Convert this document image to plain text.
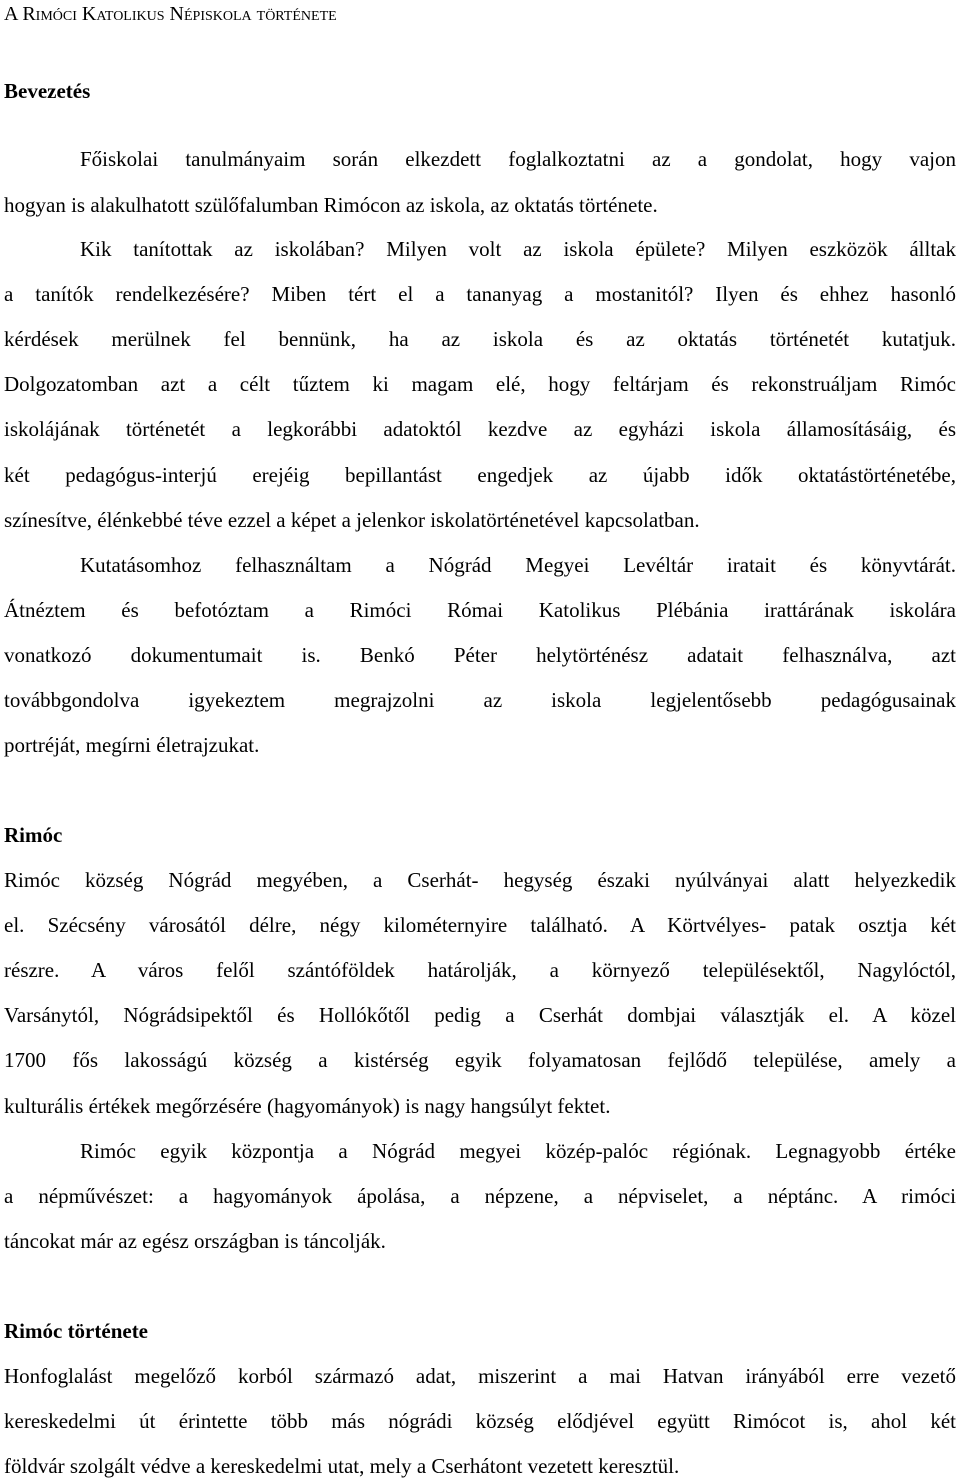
A Rimóci Katolikus Népiskola története
Bevezetés
Főiskolai tanulmányaim során elkezdett foglalkoztatni az a gondolat, hogy vajon
hogyan is alakulhatott szülőfalumban Rimócon az iskola, az oktatás története.
Kik tanítottak az iskolában? Milyen volt az iskola épülete? Milyen eszközök álltak
a tanítók rendelkezésére? Miben tért el a tananyag a mostanitól? Ilyen és ehhez hasonló
kérdések merülnek fel bennünk, ha az iskola és az oktatás történetét kutatjuk.
Dolgozatomban azt a célt tűztem ki magam elé, hogy feltárjam és rekonstruáljam Rimóc
iskolájának történetét a legkorábbi adatoktól kezdve az egyházi iskola államosításáig, és
két pedagógus-interjú erejéig bepillantást engedjek az újabb idők oktatástörténetébe,
színesítve, élénkebbé téve ezzel a képet a jelenkor iskolatörténetével kapcsolatban.
Kutatásomhoz felhasználtam a Nógrád Megyei Levéltár iratait és könyvtárát.
Átnéztem és befotóztam a Rimóci Római Katolikus Plébánia irattárának iskolára
vonatkozó dokumentumait is. Benkó Péter helytörténész adatait felhasználva, azt
továbbgondolva igyekeztem megrajzolni az iskola legjelentősebb pedagógusainak
portréját, megírni életrajzukat.
Rimóc
Rimóc község Nógrád megyében, a Cserhát- hegység északi nyúlványai alatt helyezkedik
el. Szécsény városától délre, négy kilométernyire található. A Körtvélyes- patak osztja két
részre. A város felől szántóföldek határolják, a környező településektől, Nagylóctól,
Varsánytól, Nógrádsipektől és Hollókőtől pedig a Cserhát dombjai választják el. A közel
1700 fős lakosságú község a kistérség egyik folyamatosan fejlődő települése, amely a
kulturális értékek megőrzésére (hagyományok) is nagy hangsúlyt fektet.
Rimóc egyik központja a Nógrád megyei közép-palóc régiónak. Legnagyobb értéke
a népművészet: a hagyományok ápolása, a népzene, a népviselet, a néptánc. A rimóci
táncokat már az egész országban is táncolják.
Rimóc története
Honfoglalást megelőző korból származó adat, miszerint a mai Hatvan irányából erre vezető
kereskedelmi út érintette több más nógrádi község elődjével együtt Rimócot is, ahol két
földvár szolgált védve a kereskedelmi utat, mely a Cserhátont vezetett keresztül.
